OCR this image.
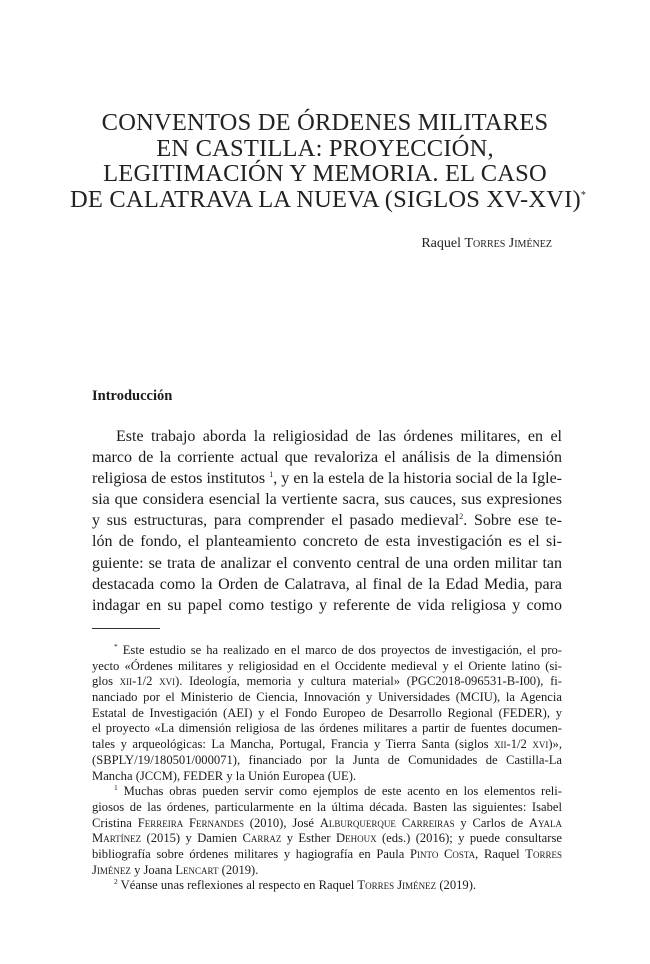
CONVENTOS DE ÓRDENES MILITARES
EN CASTILLA: PROYECCIÓN,
LEGITIMACIÓN Y MEMORIA. EL CASO
DE CALATRAVA LA NUEVA (SIGLOS XV-XVI)*
Raquel Torres Jiménez
Introducción
Este trabajo aborda la religiosidad de las órdenes militares, en el
marco de la corriente actual que revaloriza el análisis de la dimensión
religiosa de estos institutos $^1$, y en la estela de la historia social de la Igle-
sia que considera esencial la vertiente sacra, sus cauces, sus expresiones
y sus estructuras, para comprender el pasado medieval$^2$. Sobre ese te-
lón de fondo, el planteamiento concreto de esta investigación es el si-
guiente: se trata de analizar el convento central de una orden militar tan
destacada como la Orden de Calatrava, al final de la Edad Media, para
indagar en su papel como testigo y referente de vida religiosa y como
* Este estudio se ha realizado en el marco de dos proyectos de investigación, el pro-
yecto «Órdenes militares y religiosidad en el Occidente medieval y el Oriente latino (si-
glos xii-1/2 xvi). Ideología, memoria y cultura material» (PGC2018-096531-B-I00), fi-
nanciado por el Ministerio de Ciencia, Innovación y Universidades (MCIU), la Agencia
Estatal de Investigación (AEI) y el Fondo Europeo de Desarrollo Regional (FEDER), y
el proyecto «La dimensión religiosa de las órdenes militares a partir de fuentes documen-
tales y arqueológicas: La Mancha, Portugal, Francia y Tierra Santa (siglos xii-1/2 xvi)»,
(SBPLY/19/180501/000071), financiado por la Junta de Comunidades de Castilla-La
Mancha (JCCM), FEDER y la Unión Europea (UE).
$^1$ Muchas obras pueden servir como ejemplos de este acento en los elementos reli-
giosos de las órdenes, particularmente en la última década. Basten las siguientes: Isabel
Cristina Ferreira Fernandes (2010), José Alburquerque Carreiras y Carlos de Ayala
Martínez (2015) y Damien Carraz y Esther Dehoux (eds.) (2016); y puede consultarse
bibliografía sobre órdenes militares y hagiografía en Paula Pinto Costa, Raquel Torres
Jiménez y Joana Lencart (2019).
$^2$ Véanse unas reflexiones al respecto en Raquel Torres Jiménez (2019).
